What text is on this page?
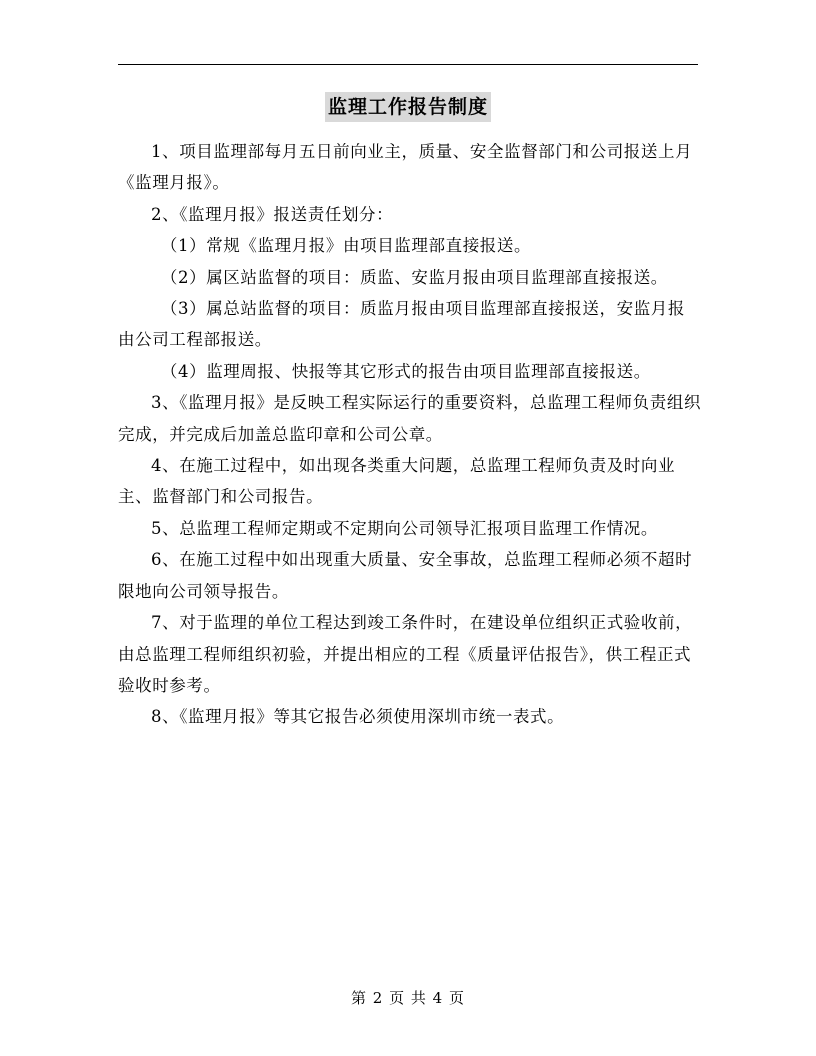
监理工作报告制度

1、项目监理部每月五日前向业主，质量、安全监督部门和公司报送上月《监理月报》。

2、《监理月报》报送责任划分：

（1）常规《监理月报》由项目监理部直接报送。

（2）属区站监督的项目：质监、安监月报由项目监理部直接报送。

（3）属总站监督的项目：质监月报由项目监理部直接报送，安监月报由公司工程部报送。

（4）监理周报、快报等其它形式的报告由项目监理部直接报送。

3、《监理月报》是反映工程实际运行的重要资料，总监理工程师负责组织完成，并完成后加盖总监印章和公司公章。

4、在施工过程中，如出现各类重大问题，总监理工程师负责及时向业主、监督部门和公司报告。

5、总监理工程师定期或不定期向公司领导汇报项目监理工作情况。

6、在施工过程中如出现重大质量、安全事故，总监理工程师必须不超时限地向公司领导报告。

7、对于监理的单位工程达到竣工条件时，在建设单位组织正式验收前，由总监理工程师组织初验，并提出相应的工程《质量评估报告》，供工程正式验收时参考。

8、《监理月报》等其它报告必须使用深圳市统一表式。

第 2 页 共 4 页
